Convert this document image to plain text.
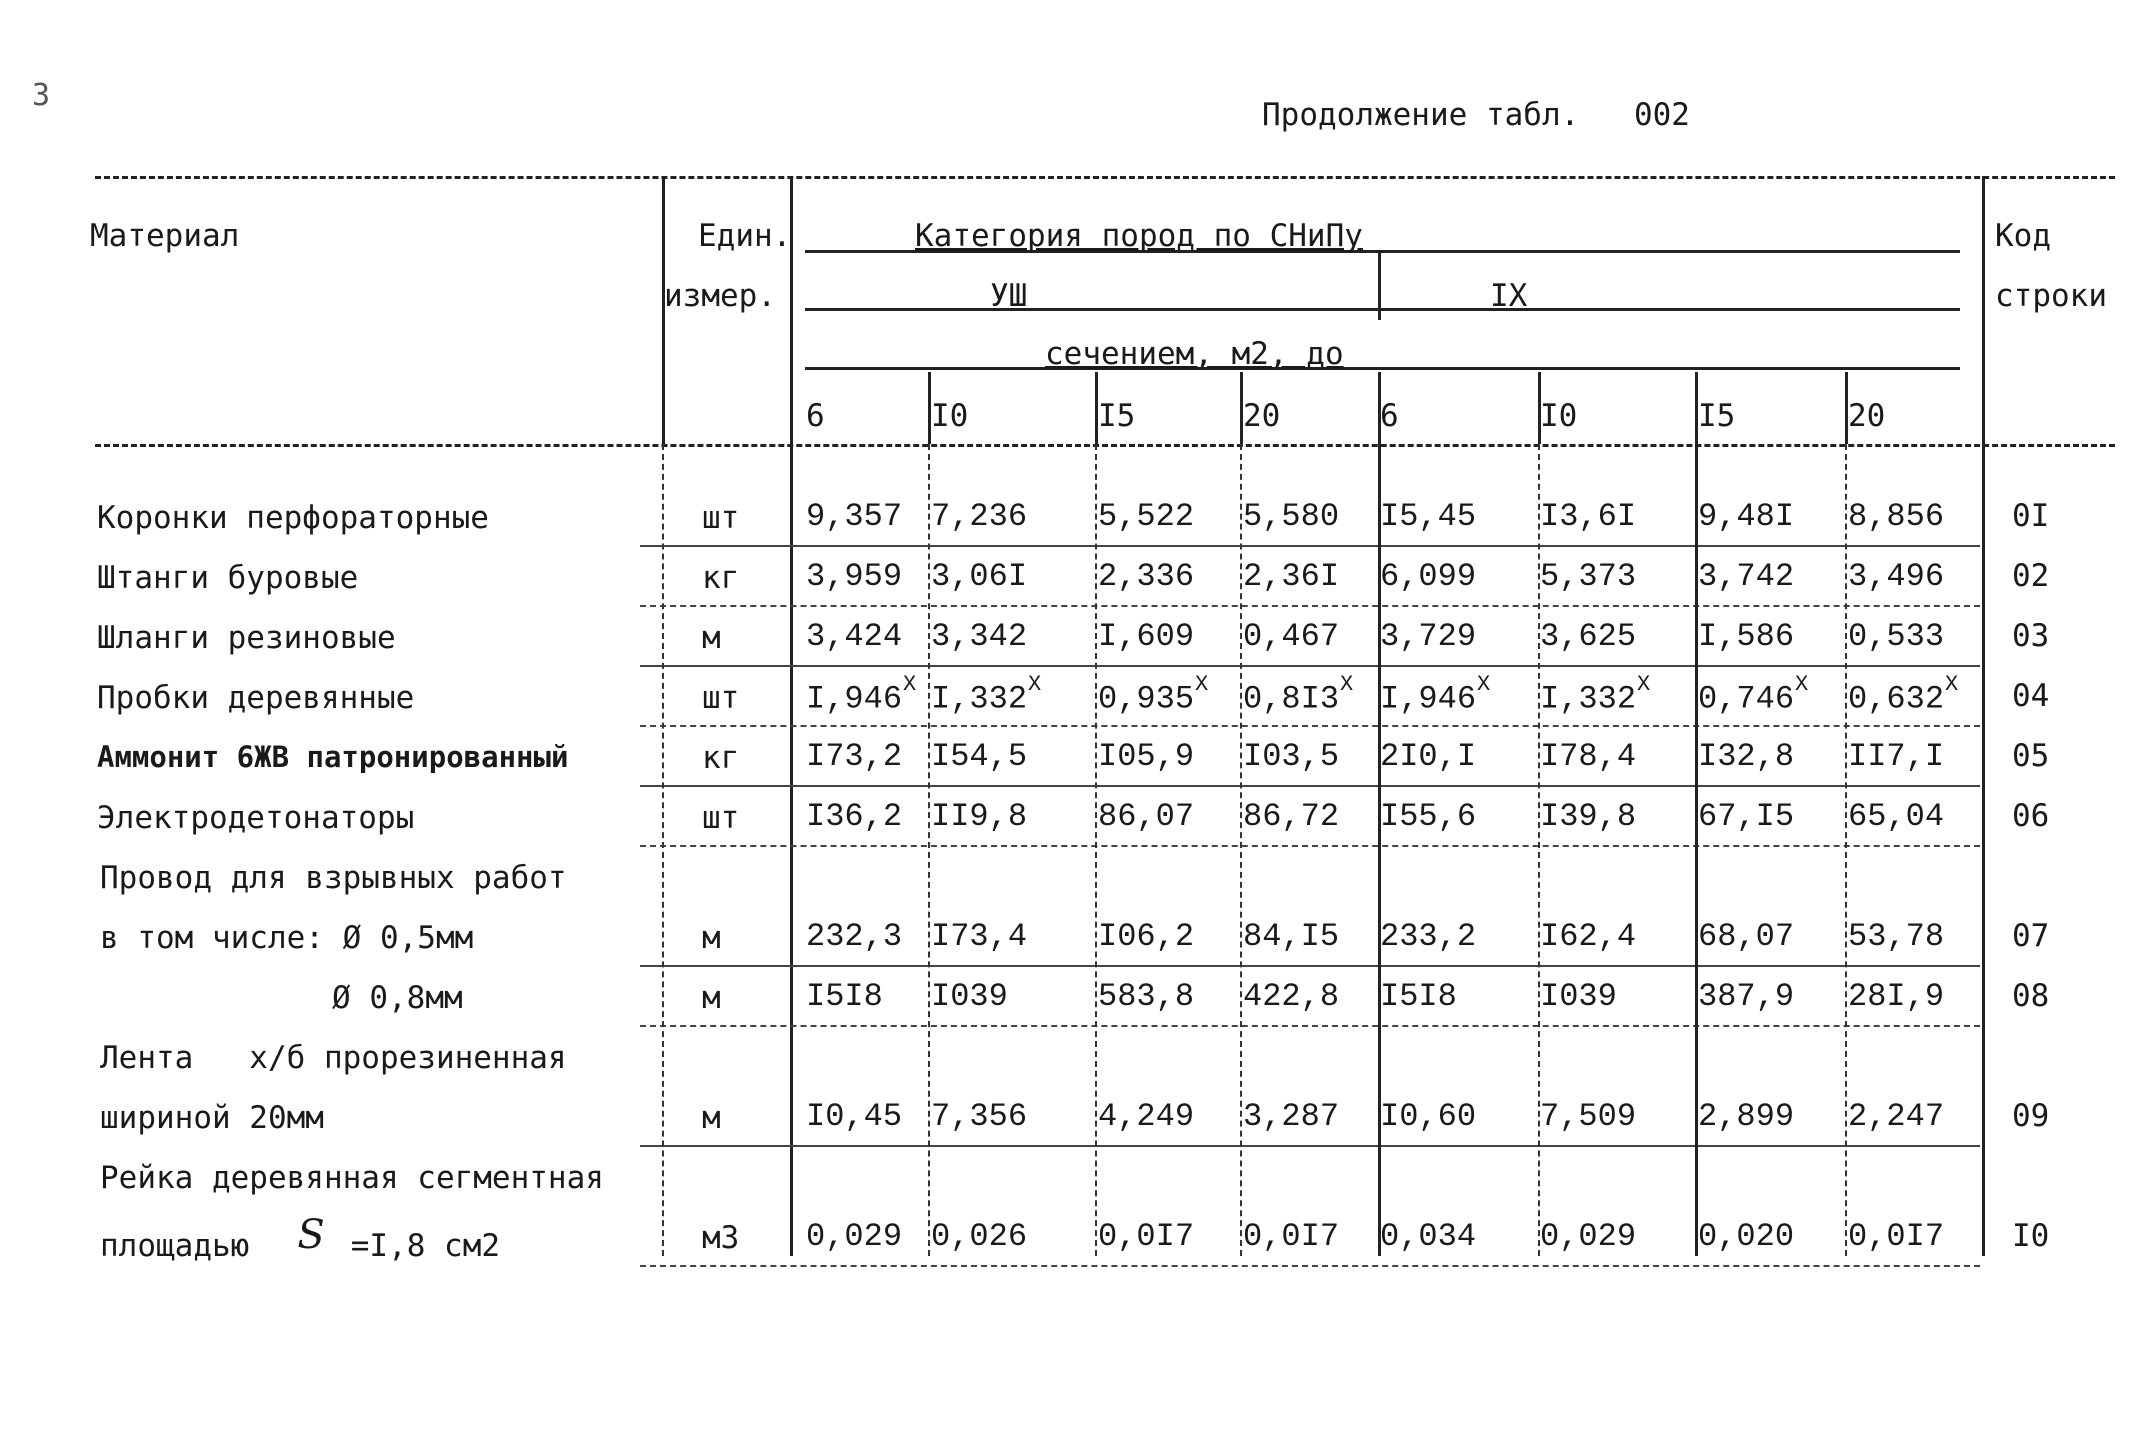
З
Продолжение табл. 002
Материал	Един.
измер.
Категория пород по СНиПу
УШ	ІХ
сечением, м2, до
Код
строки
6	I0	I5	20	6	I0	I5	20
Коронки перфораторные	шт 9,357 7,236 5,522 5,580 I5,45 I3,6I 9,48I 8,856 0I
Штанги буровые	кг 3,959 3,06I 2,336 2,36I 6,099 5,373 3,742 3,496 02
Шланги резиновые	м	3,424 3,342 I,609 0,467 3,729 3,625 I,586 0,533 03
Пробки деревянные	шт $I,946^X$ $I,332^X$ $0,935^X$ $0,8I3^X$ $I,946^X$ $I,332^X$ $0,746^X$ $0,632^X$ 04
Аммонит 6ЖВ патронированный	кг I73,2 I54,5 I05,9 I03,5 2I0,I I78,4 I32,8 II7,I 05
Электродетонаторы	шт I36,2 II9,8 86,07 86,72 I55,6 I39,8 67,I5 65,04 06
Провод для взрывных работ
в том числе: Ø 0,5мм	м	232,3 I73,4 I06,2 84,I5 233,2 I62,4 68,07 53,78 07
Ø 0,8мм	м	I5I8 I039	583,8 422,8 I5I8	I039	387,9 28I,9 08
Лента   х/б прорезиненная
шириной 20мм	м	I0,45 7,356 4,249 3,287 I0,60 7,509 2,899 2,247 09
Рейка деревянная сегментная
площадью S =I,8 см2	м3 0,029 0,026 0,0I7 0,0I7 0,034 0,029 0,020 0,0I7 I0
